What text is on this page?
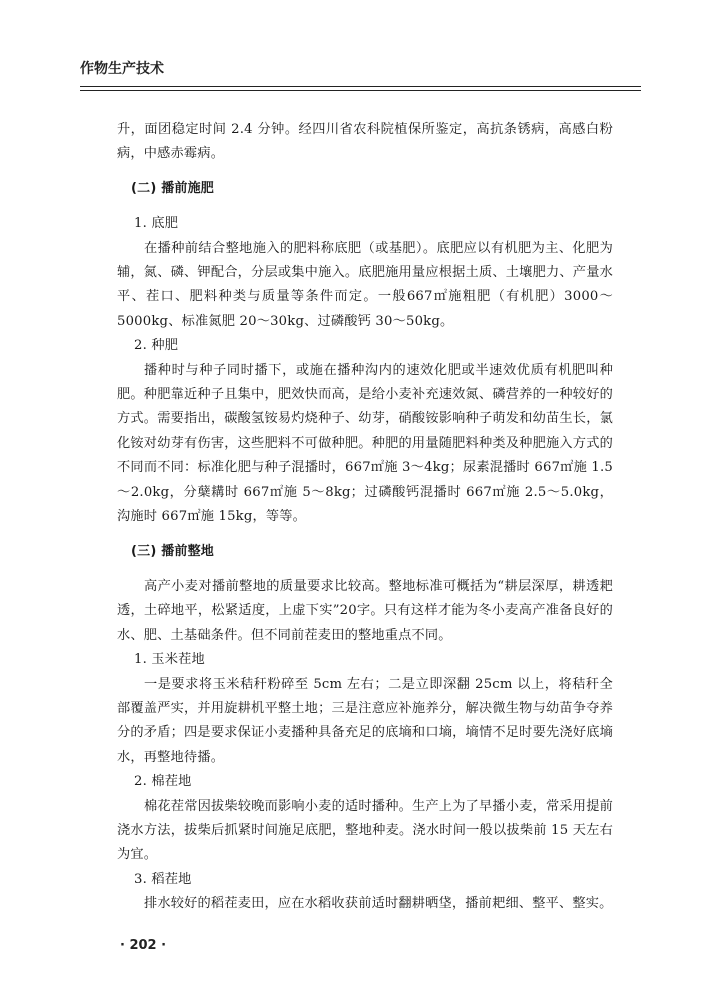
作物生产技术

升，面团稳定时间 2.4 分钟。经四川省农科院植保所鉴定，高抗条锈病，高感白粉病，中感赤霉病。

(二) 播前施肥
1. 底肥

在播种前结合整地施入的肥料称底肥（或基肥）。底肥应以有机肥为主、化肥为辅，氮、磷、钾配合，分层或集中施入。底肥施用量应根据土质、土壤肥力、产量水平、茬口、肥料种类与质量等条件而定。一般667㎡施粗肥（有机肥）3000～5000kg、标准氮肥 20～30kg、过磷酸钙 30～50kg。

2. 种肥

播种时与种子同时播下，或施在播种沟内的速效化肥或半速效优质有机肥叫种肥。种肥靠近种子且集中，肥效快而高，是给小麦补充速效氮、磷营养的一种较好的方式。需要指出，碳酸氢铵易灼烧种子、幼芽，硝酸铵影响种子萌发和幼苗生长，氯化铵对幼芽有伤害，这些肥料不可做种肥。种肥的用量随肥料种类及种肥施入方式的不同而不同：标准化肥与种子混播时，667㎡施 3～4kg；尿素混播时 667㎡施 1.5～2.0kg，分蘖耩时 667㎡施 5～8kg；过磷酸钙混播时 667㎡施 2.5～5.0kg，沟施时 667㎡施 15kg，等等。

(三) 播前整地

高产小麦对播前整地的质量要求比较高。整地标准可概括为“耕层深厚，耕透耙透，土碎地平，松紧适度，上虚下实”20字。只有这样才能为冬小麦高产准备良好的水、肥、土基础条件。但不同前茬麦田的整地重点不同。

1. 玉米茬地

一是要求将玉米秸秆粉碎至 5cm 左右；二是立即深翻 25cm 以上，将秸秆全部覆盖严实，并用旋耕机平整土地；三是注意应补施养分，解决微生物与幼苗争夺养分的矛盾；四是要求保证小麦播种具备充足的底墒和口墒，墒情不足时要先浇好底墒水，再整地待播。

2. 棉茬地

棉花茬常因拔柴较晚而影响小麦的适时播种。生产上为了早播小麦，常采用提前浇水方法，拔柴后抓紧时间施足底肥，整地种麦。浇水时间一般以拔柴前 15 天左右为宜。

3. 稻茬地

排水较好的稻茬麦田，应在水稻收获前适时翻耕晒垡，播前耙细、整平、整实。

· 202 ·
